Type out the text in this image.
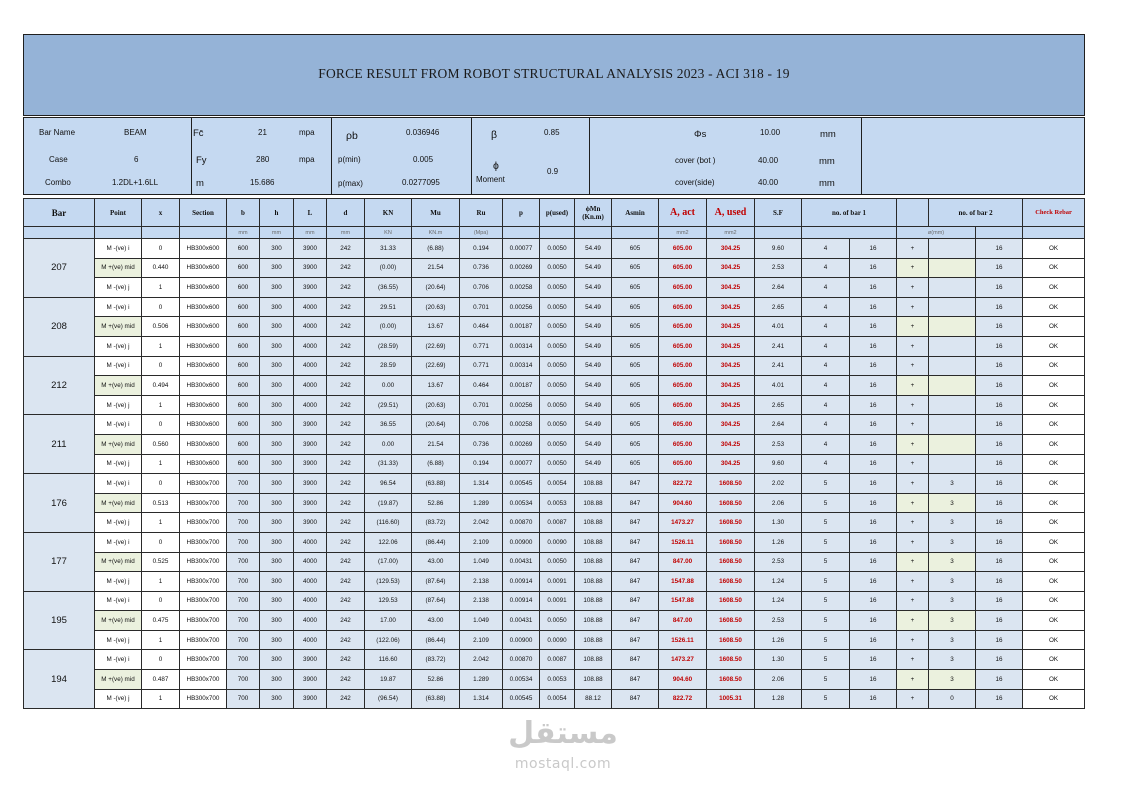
FORCE RESULT FROM ROBOT STRUCTURAL ANALYSIS 2023 - ACI 318 - 19
Bar Name	BEAM
Case	6
Combo	1.2DL+1.6LL
Fc̄	21	mpa
Fy	280	mpa
m	15.686
ρb	0.036946
p(min)	0.005
p(max)	0.0277095
β	0.85
ϕ
Moment
0.9
Φs	10.00	mm
cover (bot )	40.00	mm
cover(side)	40.00	mm
Bar	Point	x	Section	b	h	L	d	KN	Mu	Ru	p	p(used)	ϕMn (Kn.m)	Asmin	A, act	A, used	S.F	no. of bar 1			no. of bar 2		Check Rebar
				mm	mm	mm	mm	KN	KN.m	(Mpa)					mm2	mm2				ø(mm)			
207	M -(ve) i	0	HB300x600	600	300	3900	242	31.33	(6.88)	0.194	0.00077	0.0050	54.49	605	605.00	304.25	9.60	4	16	+		16	OK
	M +(ve) mid	0.440	HB300x600	600	300	3900	242	(0.00)	21.54	0.736	0.00269	0.0050	54.49	605	605.00	304.25	2.53	4	16	+		16	OK
	M -(ve) j	1	HB300x600	600	300	3900	242	(36.55)	(20.64)	0.706	0.00258	0.0050	54.49	605	605.00	304.25	2.64	4	16	+		16	OK
208	M -(ve) i	0	HB300x600	600	300	4000	242	29.51	(20.63)	0.701	0.00256	0.0050	54.49	605	605.00	304.25	2.65	4	16	+		16	OK
	M +(ve) mid	0.506	HB300x600	600	300	4000	242	(0.00)	13.67	0.464	0.00187	0.0050	54.49	605	605.00	304.25	4.01	4	16	+		16	OK
	M -(ve) j	1	HB300x600	600	300	4000	242	(28.59)	(22.69)	0.771	0.00314	0.0050	54.49	605	605.00	304.25	2.41	4	16	+		16	OK
212	M -(ve) i	0	HB300x600	600	300	4000	242	28.59	(22.69)	0.771	0.00314	0.0050	54.49	605	605.00	304.25	2.41	4	16	+		16	OK
	M +(ve) mid	0.494	HB300x600	600	300	4000	242	0.00	13.67	0.464	0.00187	0.0050	54.49	605	605.00	304.25	4.01	4	16	+		16	OK
	M -(ve) j	1	HB300x600	600	300	4000	242	(29.51)	(20.63)	0.701	0.00256	0.0050	54.49	605	605.00	304.25	2.65	4	16	+		16	OK
211	M -(ve) i	0	HB300x600	600	300	3900	242	36.55	(20.64)	0.706	0.00258	0.0050	54.49	605	605.00	304.25	2.64	4	16	+		16	OK
	M +(ve) mid	0.560	HB300x600	600	300	3900	242	0.00	21.54	0.736	0.00269	0.0050	54.49	605	605.00	304.25	2.53	4	16	+		16	OK
	M -(ve) j	1	HB300x600	600	300	3900	242	(31.33)	(6.88)	0.194	0.00077	0.0050	54.49	605	605.00	304.25	9.60	4	16	+		16	OK
176	M -(ve) i	0	HB300x700	700	300	3900	242	96.54	(63.88)	1.314	0.00545	0.0054	108.88	847	822.72	1608.50	2.02	5	16	+	3	16	OK
	M +(ve) mid	0.513	HB300x700	700	300	3900	242	(19.87)	52.86	1.289	0.00534	0.0053	108.88	847	904.60	1608.50	2.06	5	16	+	3	16	OK
	M -(ve) j	1	HB300x700	700	300	3900	242	(116.60)	(83.72)	2.042	0.00870	0.0087	108.88	847	1473.27	1608.50	1.30	5	16	+	3	16	OK
177	M -(ve) i	0	HB300x700	700	300	4000	242	122.06	(86.44)	2.109	0.00900	0.0090	108.88	847	1526.11	1608.50	1.26	5	16	+	3	16	OK
	M +(ve) mid	0.525	HB300x700	700	300	4000	242	(17.00)	43.00	1.049	0.00431	0.0050	108.88	847	847.00	1608.50	2.53	5	16	+	3	16	OK
	M -(ve) j	1	HB300x700	700	300	4000	242	(129.53)	(87.64)	2.138	0.00914	0.0091	108.88	847	1547.88	1608.50	1.24	5	16	+	3	16	OK
195	M -(ve) i	0	HB300x700	700	300	4000	242	129.53	(87.64)	2.138	0.00914	0.0091	108.88	847	1547.88	1608.50	1.24	5	16	+	3	16	OK
	M +(ve) mid	0.475	HB300x700	700	300	4000	242	17.00	43.00	1.049	0.00431	0.0050	108.88	847	847.00	1608.50	2.53	5	16	+	3	16	OK
	M -(ve) j	1	HB300x700	700	300	4000	242	(122.06)	(86.44)	2.109	0.00900	0.0090	108.88	847	1526.11	1608.50	1.26	5	16	+	3	16	OK
194	M -(ve) i	0	HB300x700	700	300	3900	242	116.60	(83.72)	2.042	0.00870	0.0087	108.88	847	1473.27	1608.50	1.30	5	16	+	3	16	OK
	M +(ve) mid	0.487	HB300x700	700	300	3900	242	19.87	52.86	1.289	0.00534	0.0053	108.88	847	904.60	1608.50	2.06	5	16	+	3	16	OK
	M -(ve) j	1	HB300x700	700	300	3900	242	(96.54)	(63.88)	1.314	0.00545	0.0054	88.12	847	822.72	1005.31	1.28	5	16	+	0	16	OK
مستقل
mostaql.com
